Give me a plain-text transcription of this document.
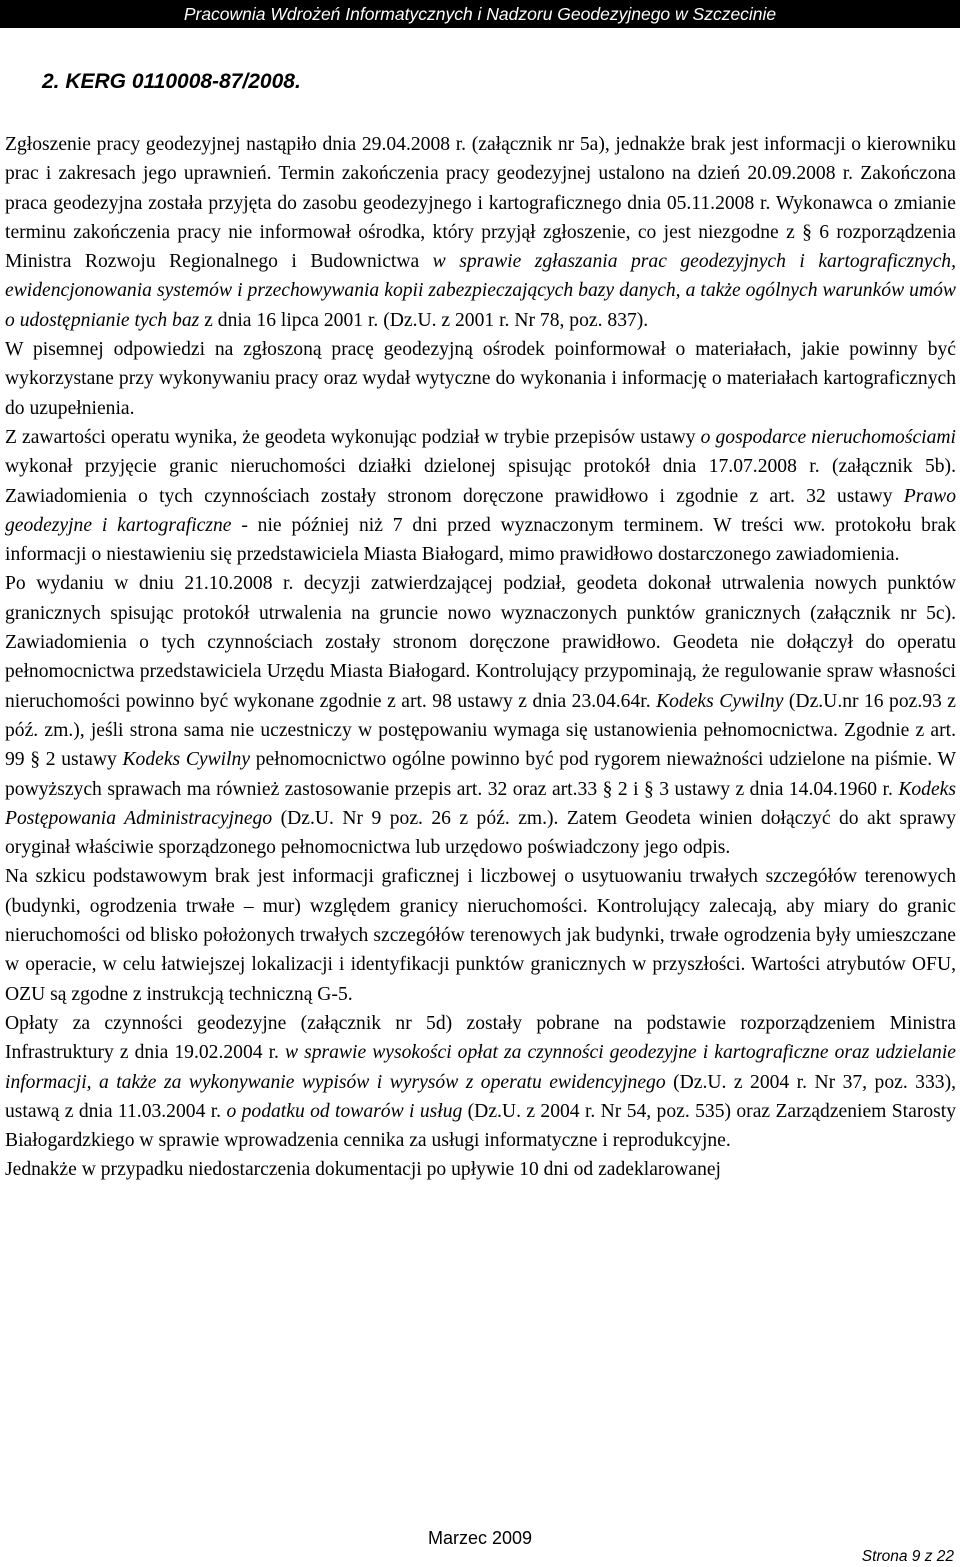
Pracownia Wdrożeń Informatycznych i Nadzoru Geodezyjnego w Szczecinie
2. KERG 0110008-87/2008.

Zgłoszenie pracy geodezyjnej nastąpiło dnia 29.04.2008 r. (załącznik nr 5a), jednakże brak jest informacji o kierowniku prac i zakresach jego uprawnień. Termin zakończenia pracy geodezyjnej ustalono na dzień 20.09.2008 r. Zakończona praca geodezyjna została przyjęta do zasobu geodezyjnego i kartograficznego dnia 05.11.2008 r. Wykonawca o zmianie terminu zakończenia pracy nie informował ośrodka, który przyjął zgłoszenie, co jest niezgodne z § 6 rozporządzenia Ministra Rozwoju Regionalnego i Budownictwa w sprawie zgłaszania prac geodezyjnych i kartograficznych, ewidencjonowania systemów i przechowywania kopii zabezpieczających bazy danych, a także ogólnych warunków umów o udostępnianie tych baz z dnia 16 lipca 2001 r. (Dz.U. z 2001 r. Nr 78, poz. 837).

W pisemnej odpowiedzi na zgłoszoną pracę geodezyjną ośrodek poinformował o materiałach, jakie powinny być wykorzystane przy wykonywaniu pracy oraz wydał wytyczne do wykonania i informację o materiałach kartograficznych do uzupełnienia.

Z zawartości operatu wynika, że geodeta wykonując podział w trybie przepisów ustawy o gospodarce nieruchomościami wykonał przyjęcie granic nieruchomości działki dzielonej spisując protokół dnia 17.07.2008 r. (załącznik 5b). Zawiadomienia o tych czynnościach zostały stronom doręczone prawidłowo i zgodnie z art. 32 ustawy Prawo geodezyjne i kartograficzne - nie później niż 7 dni przed wyznaczonym terminem. W treści ww. protokołu brak informacji o niestawieniu się przedstawiciela Miasta Białogard, mimo prawidłowo dostarczonego zawiadomienia.

Po wydaniu w dniu 21.10.2008 r. decyzji zatwierdzającej podział, geodeta dokonał utrwalenia nowych punktów granicznych spisując protokół utrwalenia na gruncie nowo wyznaczonych punktów granicznych (załącznik nr 5c). Zawiadomienia o tych czynnościach zostały stronom doręczone prawidłowo. Geodeta nie dołączył do operatu pełnomocnictwa przedstawiciela Urzędu Miasta Białogard. Kontrolujący przypominają, że regulowanie spraw własności nieruchomości powinno być wykonane zgodnie z art. 98 ustawy z dnia 23.04.64r. Kodeks Cywilny (Dz.U.nr 16 poz.93 z póź. zm.), jeśli strona sama nie uczestniczy w postępowaniu wymaga się ustanowienia pełnomocnictwa. Zgodnie z art. 99 § 2 ustawy Kodeks Cywilny pełnomocnictwo ogólne powinno być pod rygorem nieważności udzielone na piśmie. W powyższych sprawach ma również zastosowanie przepis art. 32 oraz art.33 § 2 i § 3 ustawy z dnia 14.04.1960 r. Kodeks Postępowania Administracyjnego (Dz.U. Nr 9 poz. 26 z póź. zm.). Zatem Geodeta winien dołączyć do akt sprawy oryginał właściwie sporządzonego pełnomocnictwa lub urzędowo poświadczony jego odpis.

Na szkicu podstawowym brak jest informacji graficznej i liczbowej o usytuowaniu trwałych szczegółów terenowych (budynki, ogrodzenia trwałe – mur) względem granicy nieruchomości. Kontrolujący zalecają, aby miary do granic nieruchomości od blisko położonych trwałych szczegółów terenowych jak budynki, trwałe ogrodzenia były umieszczane w operacie, w celu łatwiejszej lokalizacji i identyfikacji punktów granicznych w przyszłości. Wartości atrybutów OFU, OZU są zgodne z instrukcją techniczną G-5.

Opłaty za czynności geodezyjne (załącznik nr 5d) zostały pobrane na podstawie rozporządzeniem Ministra Infrastruktury z dnia 19.02.2004 r. w sprawie wysokości opłat za czynności geodezyjne i kartograficzne oraz udzielanie informacji, a także za wykonywanie wypisów i wyrysów z operatu ewidencyjnego (Dz.U. z 2004 r. Nr 37, poz. 333), ustawą z dnia 11.03.2004 r. o podatku od towarów i usług (Dz.U. z 2004 r. Nr 54, poz. 535) oraz Zarządzeniem Starosty Białogardzkiego w sprawie wprowadzenia cennika za usługi informatyczne i reprodukcyjne.

Jednakże w przypadku niedostarczenia dokumentacji po upływie 10 dni od zadeklarowanej

Marzec 2009
Strona 9 z 22
